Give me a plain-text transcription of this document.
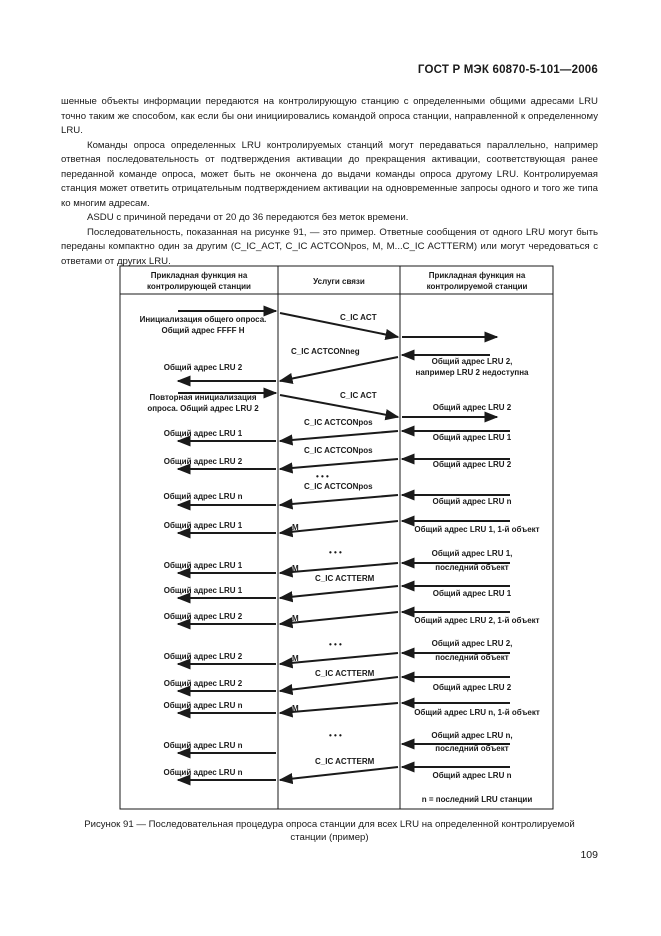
ГОСТ Р МЭК 60870-5-101—2006

шенные объекты информации передаются на контролирующую станцию с определенными общими адресами LRU точно таким же способом, как если бы они инициировались командой опроса станции, направленной к определенному LRU.

Команды опроса определенных LRU контролируемых станций могут передаваться параллельно, например ответная последовательность от подтверждения активации до прекращения активации, соответствующая ранее переданной команде опроса, может быть не окончена до выдачи команды опроса другому LRU. Контролируемая станция может ответить отрицательным подтверждением активации на одновременные запросы одного и того же типа ко многим адресам.

ASDU с причиной передачи от 20 до 36 передаются без меток времени.

Последовательность, показанная на рисунке 91, — это пример. Ответные сообщения от одного LRU могут быть переданы компактно один за другим (C_IC_ACT, C_IC ACTCONpos, M, M...C_IC ACTTERM) или могут чередоваться с ответами от других LRU.

Прикладная функция на
контролирующей станции
Услуги связи
Прикладная функция на
контролируемой станции
Инициализация общего опроса.
Общий адрес FFFF H
Общий адрес LRU 2
Повторная инициализация
опроса. Общий адрес LRU 2
Общий адрес LRU 1
Общий адрес LRU 2
Общий адрес LRU n
Общий адрес LRU 1
Общий адрес LRU 1
Общий адрес LRU 1
Общий адрес LRU 2
Общий адрес LRU 2
Общий адрес LRU 2
Общий адрес LRU n
Общий адрес LRU n
Общий адрес LRU n
C_IC ACT
C_IC ACTCONneg
C_IC ACT
C_IC ACTCONpos
C_IC ACTCONpos
• • •
C_IC ACTCONpos
M
• • •
M
C_IC ACTTERM
M
• • •
M
C_IC ACTTERM
M
• • •
C_IC ACTTERM
Общий адрес LRU 2,
например LRU 2 недоступна
Общий адрес LRU 2
Общий адрес LRU 1
Общий адрес LRU 2
Общий адрес LRU n
Общий адрес LRU 1, 1-й объект
Общий адрес LRU 1,
последний объект
Общий адрес LRU 1
Общий адрес LRU 2, 1-й объект
Общий адрес LRU 2,
последний объект
Общий адрес LRU 2
Общий адрес LRU n, 1-й объект
Общий адрес LRU n,
последний объект
Общий адрес LRU n
n = последний LRU станции
Рисунок 91 — Последовательная процедура опроса станции для всех LRU на определенной контролируемой
станции (пример)
109
